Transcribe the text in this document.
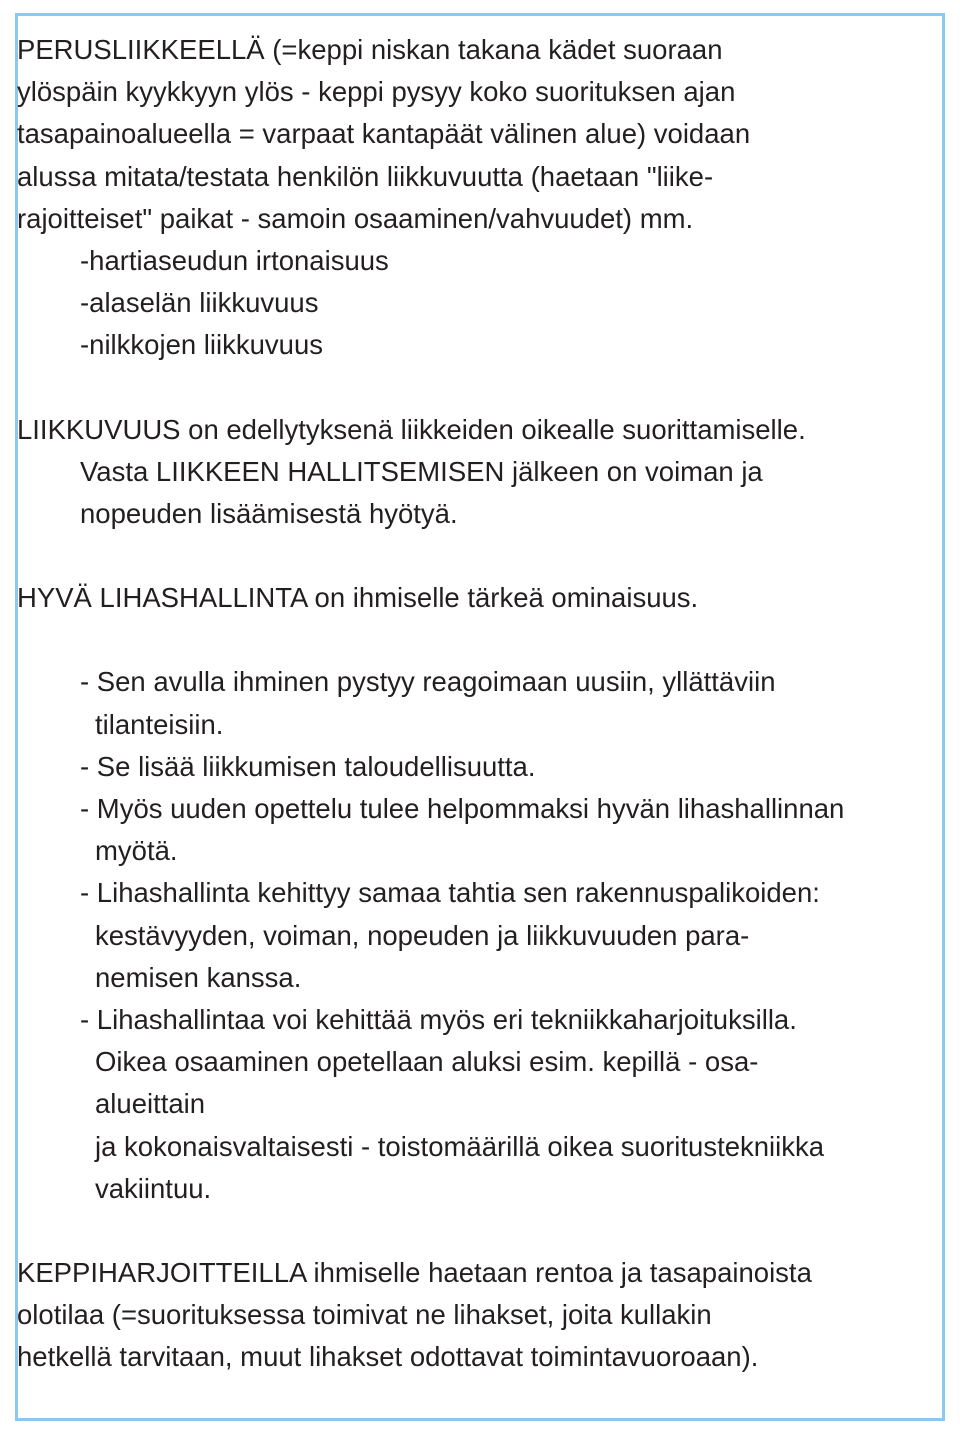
PERUSLIIKKEELLÄ (=keppi niskan takana kädet suoraan
ylöspäin kyykkyyn ylös - keppi pysyy koko suorituksen ajan
tasapainoalueella = varpaat kantapäät välinen alue) voidaan
alussa mitata/testata henkilön liikkuvuutta (haetaan "liike-
rajoitteiset" paikat - samoin osaaminen/vahvuudet) mm.
-hartiaseudun irtonaisuus
-alaselän liikkuvuus
-nilkkojen liikkuvuus
LIIKKUVUUS on edellytyksenä liikkeiden oikealle suorittamiselle.
Vasta LIIKKEEN HALLITSEMISEN jälkeen on voiman ja
nopeuden lisäämisestä hyötyä.
HYVÄ LIHASHALLINTA on ihmiselle tärkeä ominaisuus.
- Sen avulla ihminen pystyy reagoimaan uusiin, yllättäviin
tilanteisiin.
- Se lisää liikkumisen taloudellisuutta.
- Myös uuden opettelu tulee helpommaksi hyvän lihashallinnan
myötä.
- Lihashallinta kehittyy samaa tahtia sen rakennuspalikoiden:
kestävyyden, voiman, nopeuden ja liikkuvuuden para-
nemisen kanssa.
- Lihashallintaa voi kehittää myös eri tekniikkaharjoituksilla.
Oikea osaaminen opetellaan aluksi esim. kepillä - osa-
alueittain
ja kokonaisvaltaisesti - toistomäärillä oikea suoritustekniikka
vakiintuu.
KEPPIHARJOITTEILLA ihmiselle haetaan rentoa ja tasapainoista
olotilaa (=suorituksessa toimivat ne lihakset, joita kullakin
hetkellä tarvitaan, muut lihakset odottavat toimintavuoroaan).
